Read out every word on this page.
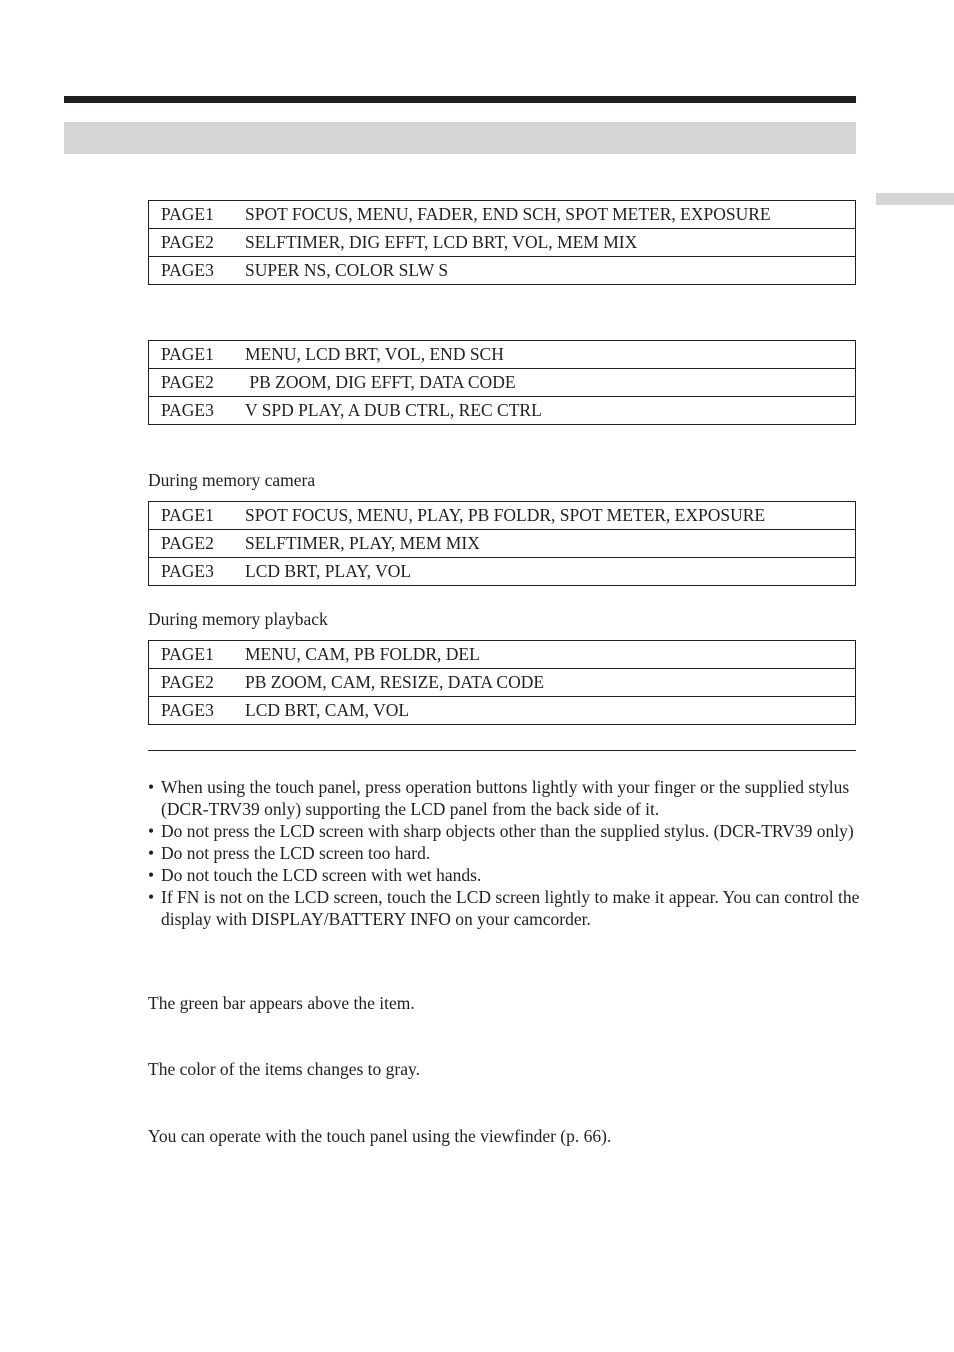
PAGE1	SPOT FOCUS, MENU, FADER, END SCH, SPOT METER, EXPOSURE
PAGE2	SELFTIMER, DIG EFFT, LCD BRT, VOL, MEM MIX
PAGE3	SUPER NS, COLOR SLW S
PAGE1	MENU, LCD BRT, VOL, END SCH
PAGE2	PB ZOOM, DIG EFFT, DATA CODE
PAGE3	V SPD PLAY, A DUB CTRL, REC CTRL
During memory camera
PAGE1	SPOT FOCUS, MENU, PLAY, PB FOLDR, SPOT METER, EXPOSURE
PAGE2	SELFTIMER, PLAY, MEM MIX
PAGE3	LCD BRT, PLAY, VOL
During memory playback
PAGE1	MENU, CAM, PB FOLDR, DEL
PAGE2	PB ZOOM, CAM, RESIZE, DATA CODE
PAGE3	LCD BRT, CAM, VOL
• When using the touch panel, press operation buttons lightly with your finger or the supplied stylus (DCR-TRV39 only) supporting the LCD panel from the back side of it.
• Do not press the LCD screen with sharp objects other than the supplied stylus. (DCR-TRV39 only)
• Do not press the LCD screen too hard.
• Do not touch the LCD screen with wet hands.
• If FN is not on the LCD screen, touch the LCD screen lightly to make it appear. You can control the display with DISPLAY/BATTERY INFO on your camcorder.
The green bar appears above the item.
The color of the items changes to gray.
You can operate with the touch panel using the viewfinder (p. 66).
